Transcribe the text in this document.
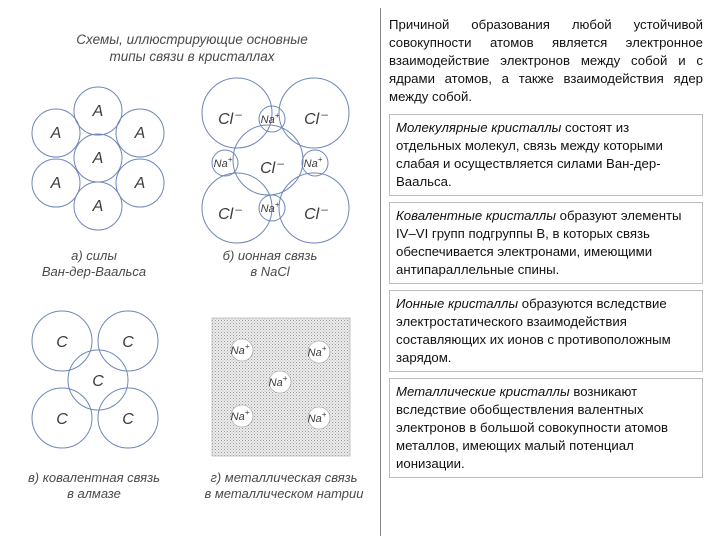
Схемы, иллюстрирующие основные
типы связи в кристаллах
A
A	A
A
A	A
A
а) силы
Ван-дер-Ваальса
Cl –	Cl –
Cl –
Cl –	Cl –
Na+
Na+	Na+
Na+
б) ионная связь
в NaCl
C	C
C
C	C
в) ковалентная связь
в алмазе
Na+
Na+
Na+
Na+
Na+
г) металлическая связь
в металлическом натрии

Причиной образования любой устойчивой совокупности атомов является электронное взаимодействие электронов между собой и с ядрами атомов, а также взаимодействия ядер между собой.

Молекулярные кристаллы состоят из отдельных молекул, связь между которыми слабая и осуществляется силами Ван-дер-Ваальса.

Ковалентные кристаллы образуют элементы IV–VI групп подгруппы В, в которых связь обеспечивается электронами, имеющими антипараллельные спины.

Ионные кристаллы образуются вследствие электростатического взаимодействия составляющих их ионов с противоположным зарядом.

Металлические кристаллы возникают вследствие обобществления валентных электронов в большой совокупности атомов металлов, имеющих малый потенциал ионизации.
